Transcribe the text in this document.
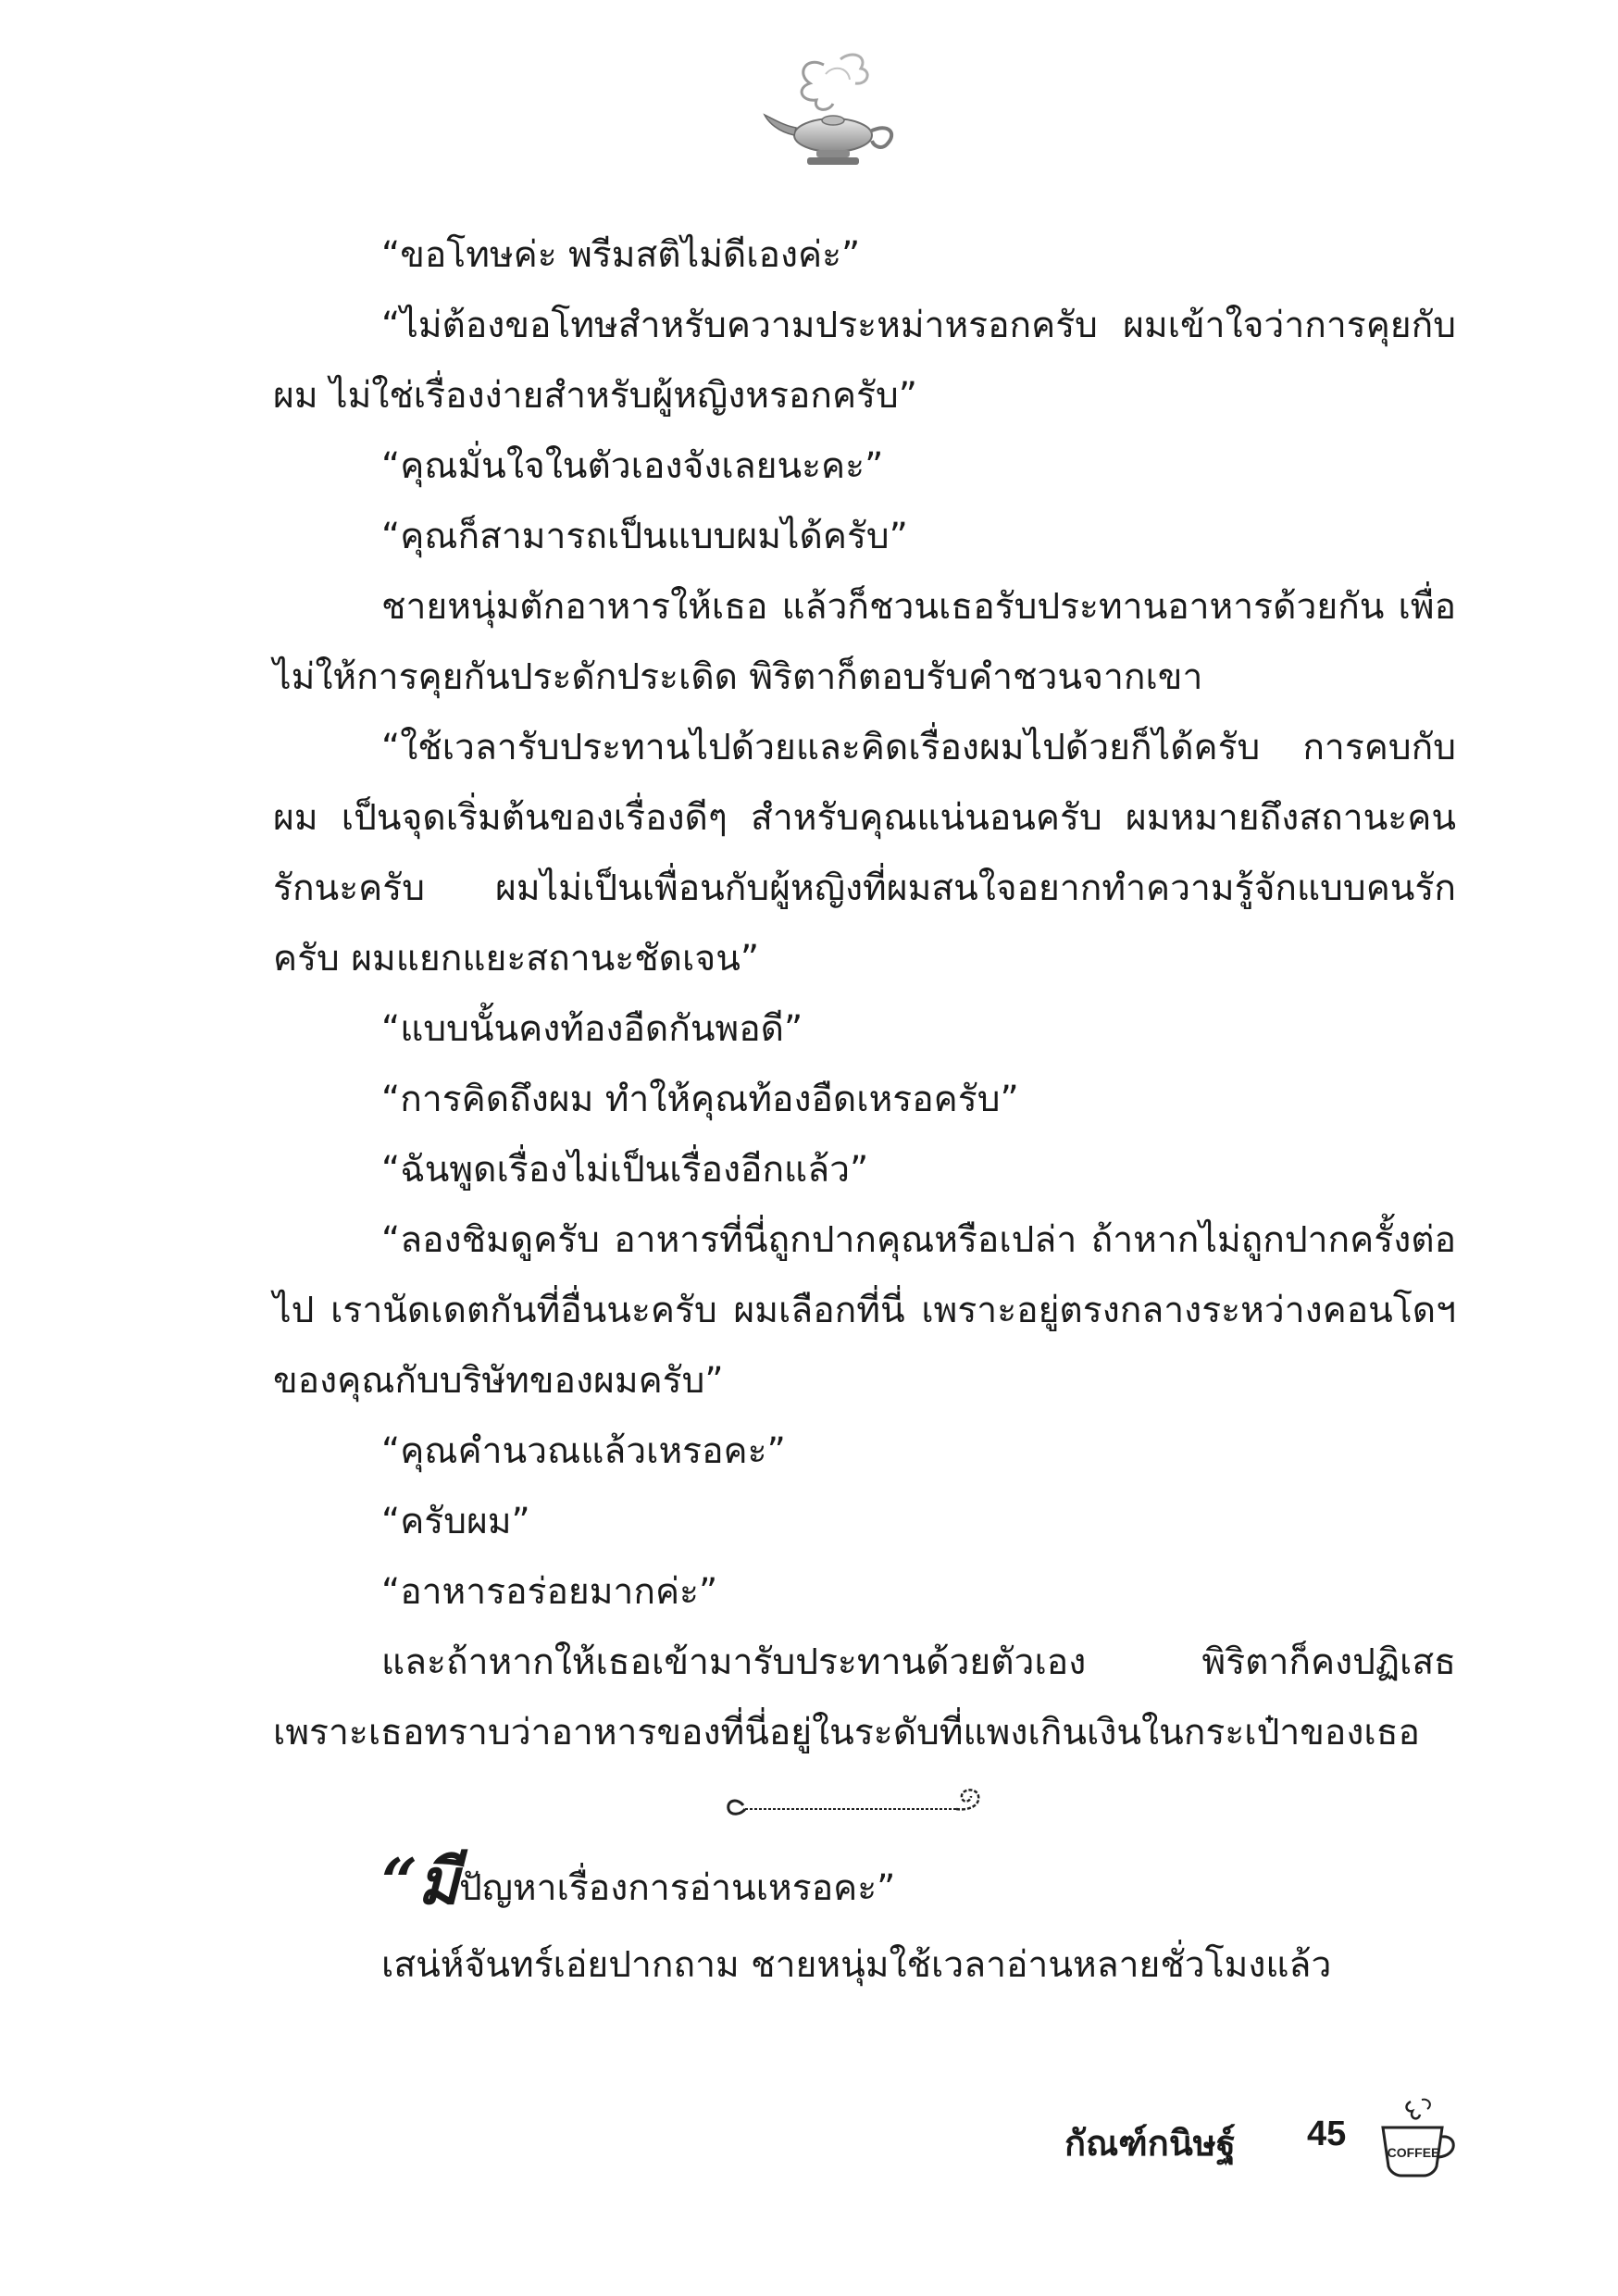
“ขอโทษค่ะ พรีมสติไม่ดีเองค่ะ”

“ไม่ต้องขอโทษสำหรับความประหม่าหรอกครับ ผมเข้าใจว่าการคุยกับผม ไม่ใช่เรื่องง่ายสำหรับผู้หญิงหรอกครับ”

“คุณมั่นใจในตัวเองจังเลยนะคะ”

“คุณก็สามารถเป็นแบบผมได้ครับ”

ชายหนุ่มตักอาหารให้เธอ แล้วก็ชวนเธอรับประทานอาหารด้วยกัน เพื่อไม่ให้การคุยกันประดักประเดิด พิริตาก็ตอบรับคำชวนจากเขา

“ใช้เวลารับประทานไปด้วยและคิดเรื่องผมไปด้วยก็ได้ครับ การคบกับผม เป็นจุดเริ่มต้นของเรื่องดีๆ สำหรับคุณแน่นอนครับ ผมหมายถึงสถานะคนรักนะครับ ผมไม่เป็นเพื่อนกับผู้หญิงที่ผมสนใจอยากทำความรู้จักแบบคนรักครับ ผมแยกแยะสถานะชัดเจน”

“แบบนั้นคงท้องอืดกันพอดี”

“การคิดถึงผม ทำให้คุณท้องอืดเหรอครับ”

“ฉันพูดเรื่องไม่เป็นเรื่องอีกแล้ว”

“ลองชิมดูครับ อาหารที่นี่ถูกปากคุณหรือเปล่า ถ้าหากไม่ถูกปากครั้งต่อไป เรานัดเดตกันที่อื่นนะครับ ผมเลือกที่นี่ เพราะอยู่ตรงกลางระหว่างคอนโดฯ ของคุณกับบริษัทของผมครับ”

“คุณคำนวณแล้วเหรอคะ”

“ครับผม”

“อาหารอร่อยมากค่ะ”

และถ้าหากให้เธอเข้ามารับประทานด้วยตัวเอง พิริตาก็คงปฏิเสธ เพราะเธอทราบว่าอาหารของที่นี่อยู่ในระดับที่แพงเกินเงินในกระเป๋าของเธอ

“มีปัญหาเรื่องการอ่านเหรอคะ”

เสน่ห์จันทร์เอ่ยปากถาม ชายหนุ่มใช้เวลาอ่านหลายชั่วโมงแล้ว

กัณฑ์กนิษฐ์ 45	COFFEE
